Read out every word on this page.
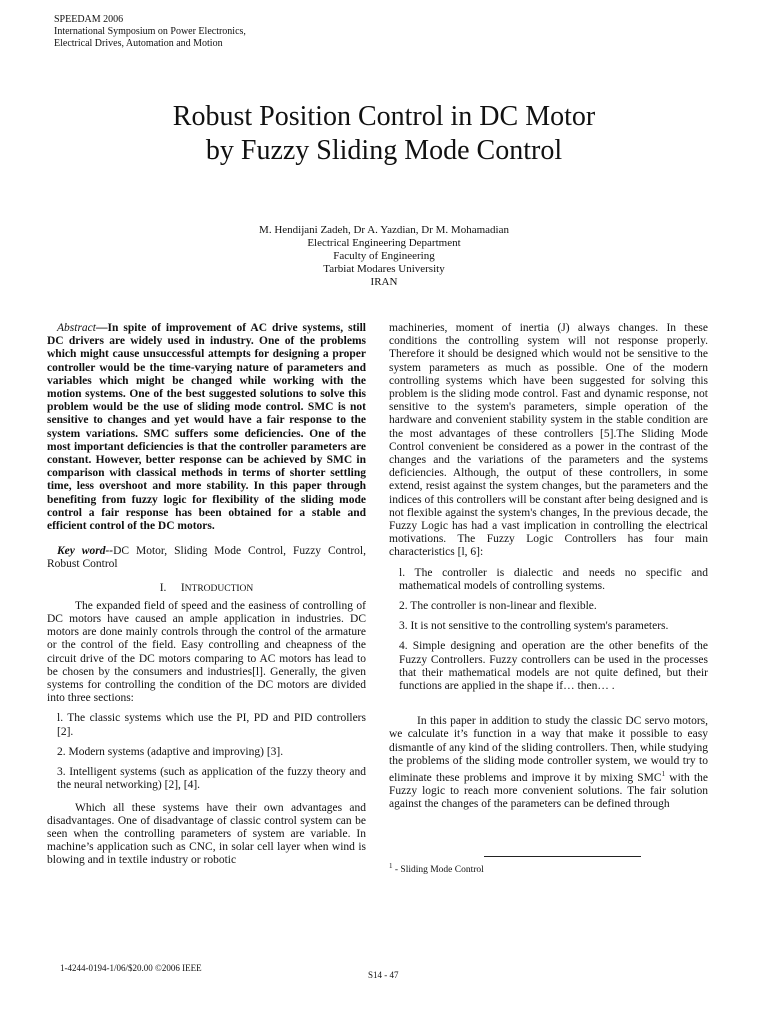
SPEEDAM 2006
International Symposium on Power Electronics,
Electrical Drives, Automation and Motion
Robust Position Control in DC Motor
by Fuzzy Sliding Mode Control
M. Hendijani Zadeh, Dr A. Yazdian, Dr M. Mohamadian
Electrical Engineering Department
Faculty of Engineering
Tarbiat Modares University
IRAN

Abstract—In spite of improvement of AC drive systems, still DC drivers are widely used in industry. One of the problems which might cause unsuccessful attempts for designing a proper controller would be the time-varying nature of parameters and variables which might be changed while working with the motion systems. One of the best suggested solutions to solve this problem would be the use of sliding mode control. SMC is not sensitive to changes and yet would have a fair response to the system variations. SMC suffers some deficiencies. One of the most important deficiencies is that the controller parameters are constant. However, better response can be achieved by SMC in comparison with classical methods in terms of shorter settling time, less overshoot and more stability. In this paper through benefiting from fuzzy logic for flexibility of the sliding mode control a fair response has been obtained for a stable and efficient control of the DC motors.

Key word--DC Motor, Sliding Mode Control, Fuzzy Control, Robust Control

I. INTRODUCTION

The expanded field of speed and the easiness of controlling of DC motors have caused an ample application in industries. DC motors are done mainly controls through the control of the armature or the control of the field. Easy controlling and cheapness of the circuit drive of the DC motors comparing to AC motors has lead to be chosen by the consumers and industries[l]. Generally, the given systems for controlling the condition of the DC motors are divided into three sections:

l. The classic systems which use the PI, PD and PID controllers [2].

2. Modern systems (adaptive and improving) [3].

3. Intelligent systems (such as application of the fuzzy theory and the neural networking) [2], [4].

Which all these systems have their own advantages and disadvantages. One of disadvantage of classic control system can be seen when the controlling parameters of system are variable. In machine’s application such as CNC, in solar cell layer when wind is blowing and in textile industry or robotic

machineries, moment of inertia (J) always changes. In these conditions the controlling system will not response properly. Therefore it should be designed which would not be sensitive to the system parameters as much as possible. One of the modern controlling systems which have been suggested for solving this problem is the sliding mode control. Fast and dynamic response, not sensitive to the system's parameters, simple operation of the hardware and convenient stability system in the stable condition are the most advantages of these controllers [5].The Sliding Mode Control convenient be considered as a power in the contrast of the changes and the variations of the parameters and the systems deficiencies. Although, the output of these controllers, in some extend, resist against the system changes, but the parameters and the indices of this controllers will be constant after being designed and is not flexible against the system's changes, In the previous decade, the Fuzzy Logic has had a vast implication in controlling the electrical motivations. The Fuzzy Logic Controllers has four main characteristics [l, 6]:

l. The controller is dialectic and needs no specific and mathematical models of controlling systems.

2. The controller is non-linear and flexible.

3. It is not sensitive to the controlling system's parameters.

4. Simple designing and operation are the other benefits of the Fuzzy Controllers. Fuzzy controllers can be used in the processes that their mathematical models are not quite defined, but their functions are applied in the shape if… then… .

In this paper in addition to study the classic DC servo motors, we calculate it’s function in a way that make it possible to easy dismantle of any kind of the sliding controllers. Then, while studying the problems of the sliding mode controller system, we would try to eliminate these problems and improve it by mixing SMC$^1$ with the Fuzzy logic to reach more convenient solutions. The fair solution against the changes of the parameters can be defined through

$^1$ - Sliding Mode Control
1-4244-0194-1/06/$20.00 ©2006 IEEE
S14 - 47
